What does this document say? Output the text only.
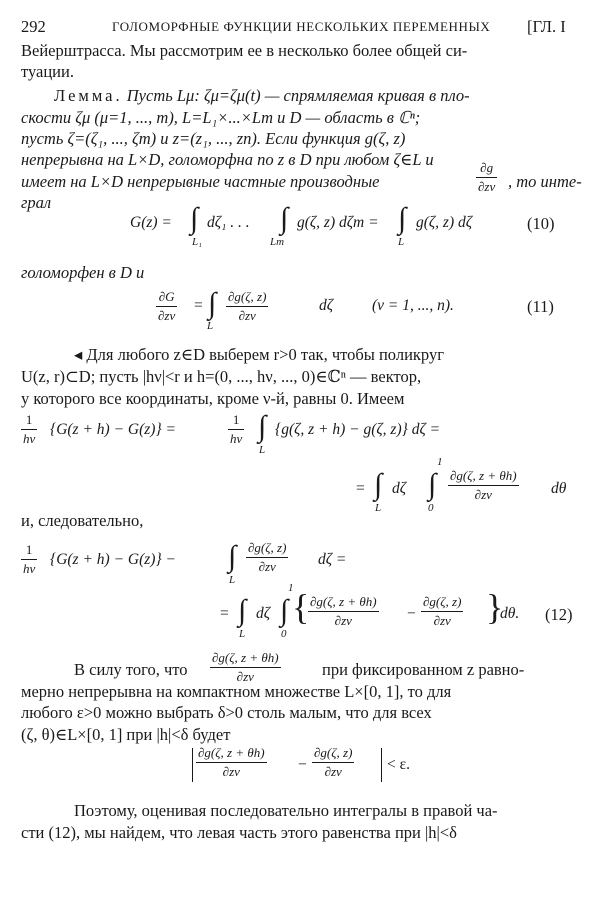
292	ГОЛОМОРФНЫЕ ФУНКЦИИ НЕСКОЛЬКИХ ПЕРЕМЕННЫХ [ГЛ. I
Вейерштрасса. Мы рассмотрим ее в несколько более общей си-
туации.
Лемма. Пусть Lμ: ζμ=ζμ(t) — спрямляемая кривая в пло-
скости ζμ (μ=1, ..., m), L=L₁×...×Lm и D — область в ℂⁿ;
пусть ζ=(ζ₁, ..., ζm) и z=(z₁, ..., zn). Если функция g(ζ, z)
непрерывна на L×D, голоморфна по z в D при любом ζ∈L и
имеет на L×D непрерывные частные производные
∂g
∂zν , то инте-
грал
G(z) = ∫
L₁
dζ₁ . . . ∫
Lm
g(ζ, z) dζm = ∫
L
g(ζ, z) dζ	(10)
голоморфен в D и
∂G
∂zν
= ∫
L
∂g(ζ, z)
∂zν
dζ	(ν = 1, ..., n).	(11)
◂ Для любого z∈D выберем r>0 так, чтобы поликруг
U(z, r)⊂D; пусть |hν|<r и h=(0, ..., hν, ..., 0)∈ℂⁿ — вектор,
у которого все координаты, кроме ν-й, равны 0. Имеем
1
hν
{G(z + h) − G(z)} =
1
hν ∫
L
{g(ζ, z + h) − g(ζ, z)} dζ =
= ∫
L
dζ
1
∫
0
∂g(ζ, z + θh)
∂zν	dθ
и, следовательно,
1
hν
{G(z + h) − G(z)} − ∫
L
∂g(ζ, z)
∂zν	dζ =
= ∫
L
dζ
1
∫
0
{ ∂g(ζ, z + θh)
∂zν	−
∂g(ζ, z)
∂zν }
dθ. (12)
В силу того, что
∂g(ζ, z + θh)
∂zν	при фиксированном z равно-
мерно непрерывна на компактном множестве L×[0, 1], то для
любого ε>0 можно выбрать δ>0 столь малым, что для всех
(ζ, θ)∈L×[0, 1] при |h|<δ будет
∂g(ζ, z + θh)
∂zν	−
∂g(ζ, z)
∂zν	< ε.
Поэтому, оценивая последовательно интегралы в правой ча-
сти (12), мы найдем, что левая часть этого равенства при |h|<δ
